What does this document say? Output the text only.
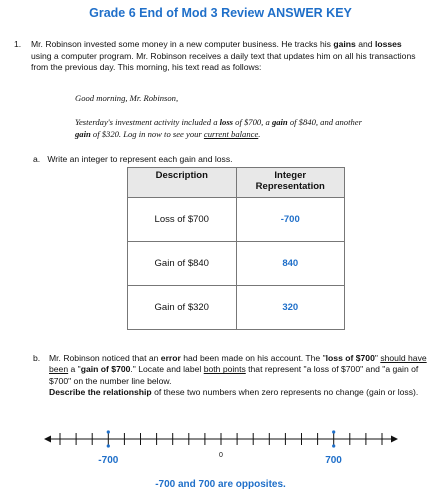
Grade 6 End of Mod 3 Review ANSWER KEY
1. Mr. Robinson invested some money in a new computer business. He tracks his gains and losses using a computer program. Mr. Robinson receives a daily text that updates him on all his transactions from the previous day. This morning, his text read as follows:
Good morning, Mr. Robinson,
Yesterday's investment activity included a loss of $700, a gain of $840, and another
gain of $320. Log in now to see your current balance.
a. Write an integer to represent each gain and loss.
Description	Integer Representation
Loss of $700	-700
Gain of $840	840
Gain of $320	320
b. Mr. Robinson noticed that an error had been made on his account. The "loss of $700" should have been a "gain of $700." Locate and label both points that represent "a loss of $700" and "a gain of $700" on the number line below.
Describe the relationship of these two numbers when zero represents no change (gain or loss).
-700	0	700
-700 and 700 are opposites.
